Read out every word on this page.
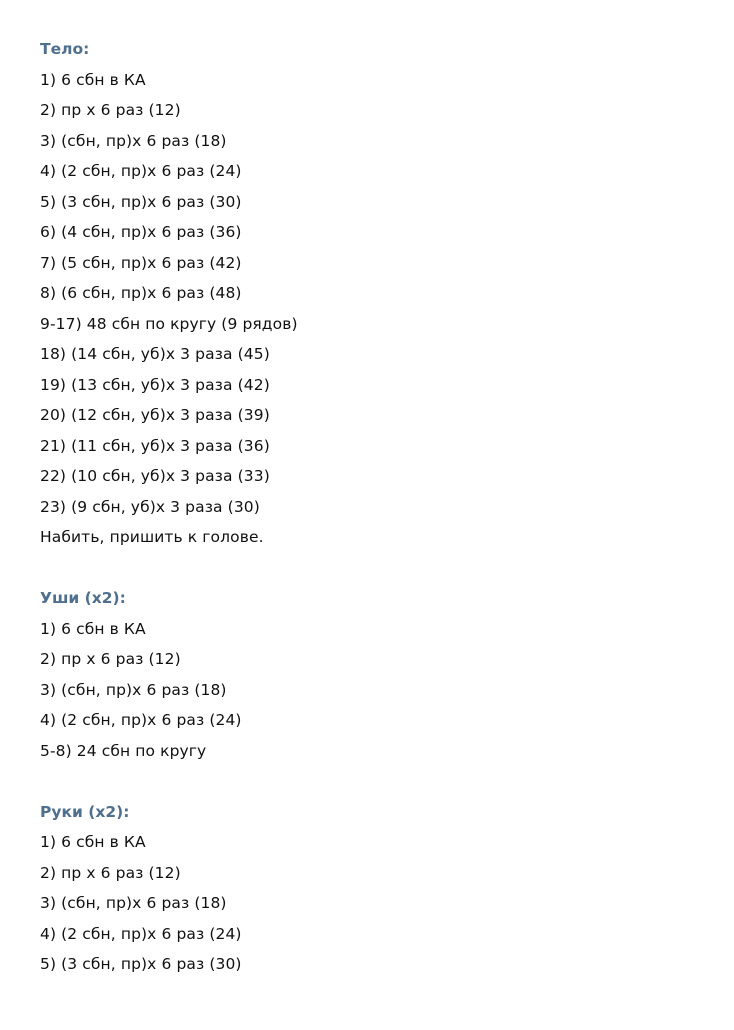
Тело:
1) 6 сбн в КА
2) пр х 6 раз (12)
3) (сбн, пр)х 6 раз (18)
4) (2 сбн, пр)х 6 раз (24)
5) (3 сбн, пр)х 6 раз (30)
6) (4 сбн, пр)х 6 раз (36)
7) (5 сбн, пр)х 6 раз (42)
8) (6 сбн, пр)х 6 раз (48)
9-17) 48 сбн по кругу (9 рядов)
18) (14 сбн, уб)х 3 раза (45)
19) (13 сбн, уб)х 3 раза (42)
20) (12 сбн, уб)х 3 раза (39)
21) (11 сбн, уб)х 3 раза (36)
22) (10 сбн, уб)х 3 раза (33)
23) (9 сбн, уб)х 3 раза (30)
Набить, пришить к голове.
Уши (х2):
1) 6 сбн в КА
2) пр х 6 раз (12)
3) (сбн, пр)х 6 раз (18)
4) (2 сбн, пр)х 6 раз (24)
5-8) 24 сбн по кругу
Руки (х2):
1) 6 сбн в КА
2) пр х 6 раз (12)
3) (сбн, пр)х 6 раз (18)
4) (2 сбн, пр)х 6 раз (24)
5) (3 сбн, пр)х 6 раз (30)
